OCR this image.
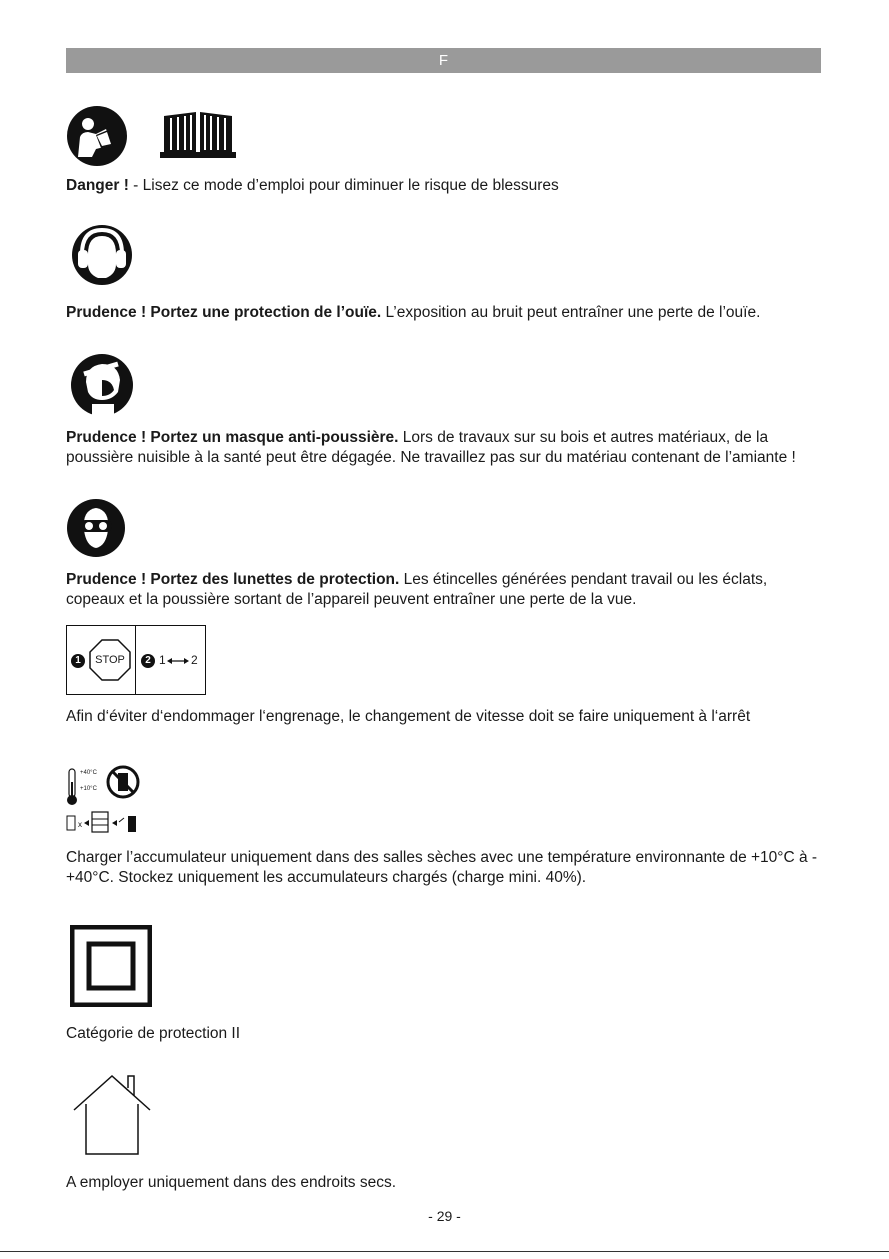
F
Danger ! - Lisez ce mode d’emploi pour diminuer le risque de blessures
Prudence ! Portez une protection de l’ouïe. L’exposition au bruit peut entraîner une perte de l’ouïe.
Prudence ! Portez un masque anti-poussière. Lors de travaux sur su bois et autres matériaux, de la poussière nuisible à la santé peut être dégagée. Ne travaillez pas sur du matériau contenant de l’amiante !
Prudence ! Portez des lunettes de protection. Les étincelles générées pendant travail ou les éclats, copeaux et la poussière sortant de l’appareil peuvent entraîner une perte de la vue.
1	STOP	2 1 2
Afin d‘éviter d‘endommager l‘engrenage, le changement de vitesse doit se faire uniquement à l‘arrêt
+40°C
+10°C
x
Charger l’accumulateur uniquement dans des salles sèches avec une température environnante de +10°C à - +40°C. Stockez uniquement les accumulateurs chargés (charge mini. 40%).
Catégorie de protection II
A employer uniquement dans des endroits secs.
- 29 -
